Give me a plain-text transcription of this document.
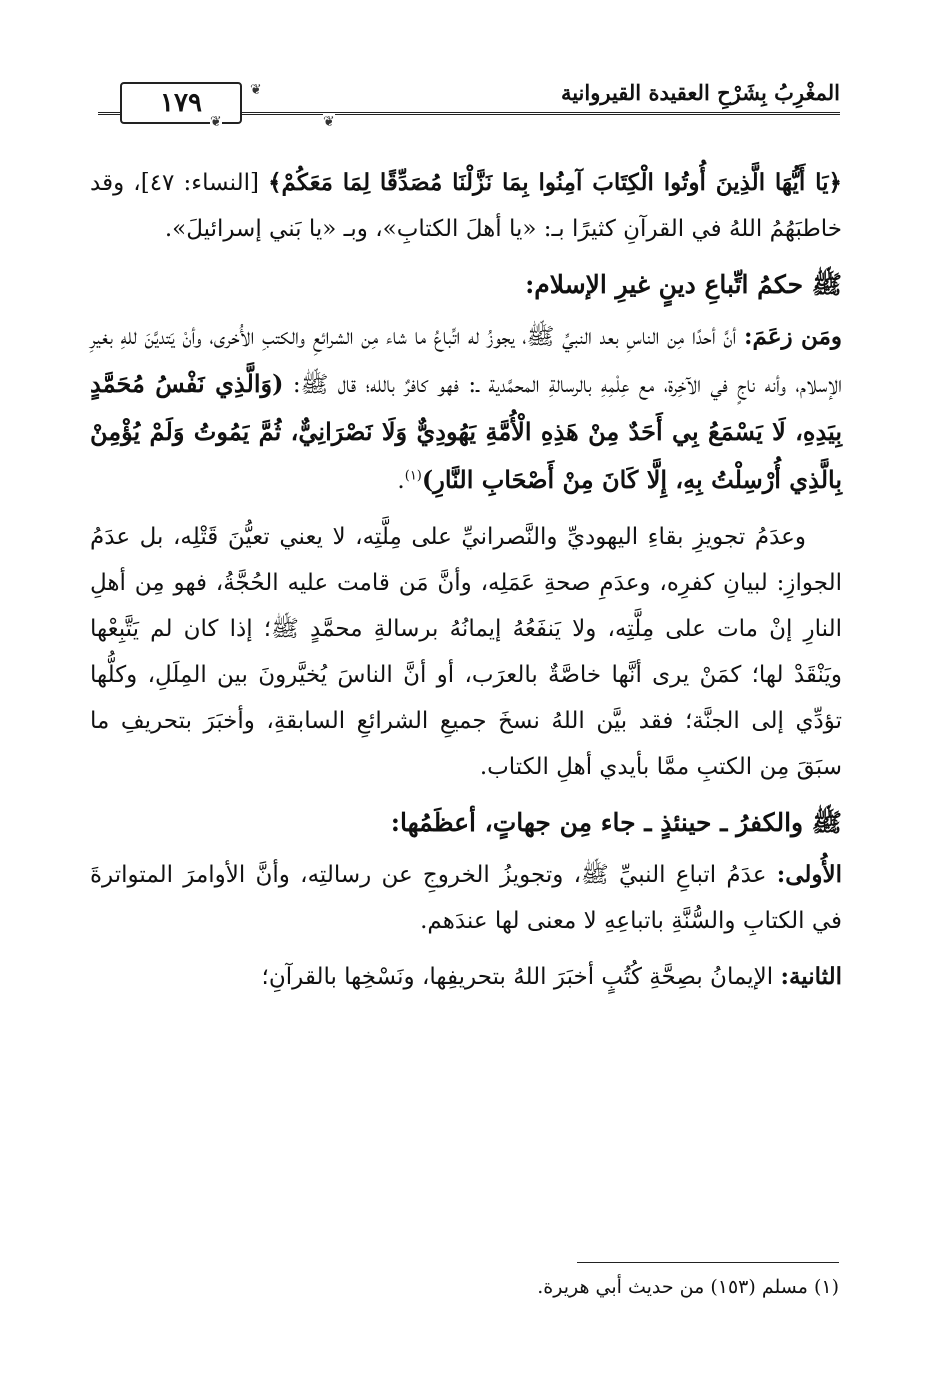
المغْرِبُ بِشَرْحِ العقيدة القيروانية
١٧٩	❦
❦	❦

﴿يَا أَيُّهَا الَّذِينَ أُوتُوا الْكِتَابَ آمِنُوا بِمَا نَزَّلْنَا مُصَدِّقًا لِمَا مَعَكُمْ﴾ [النساء: ٤٧]، وقد خاطبَهُمُ اللهُ في القرآنِ كثيرًا بـ: «يا أهلَ الكتابِ»، وبـ «يا بَني إسرائيلَ».

ﷺ حكمُ اتِّباعِ دينٍ غيرِ الإسلام:

ومَن زعَمَ: أنَّ أحدًا مِن الناسِ بعد النبيِّ ﷺ، يجوزُ له اتِّباعُ ما شاء مِن الشرائعِ والكتبِ الأُخرى، وأنْ يَتديَّنَ للهِ بغيرِ الإسلام، وأنه ناجٍ في الآخِرة، مع عِلْمِهِ بالرسالةِ المحمَّدية ـ: فهو كافرٌ بالله؛ قال ﷺ: (وَالَّذِي نَفْسُ مُحَمَّدٍ بِيَدِهِ، لَا يَسْمَعُ بِي أَحَدٌ مِنْ هَذِهِ الْأُمَّةِ يَهُودِيٌّ وَلَا نَصْرَانِيٌّ، ثُمَّ يَمُوتُ وَلَمْ يُؤْمِنْ بِالَّذِي أُرْسِلْتُ بِهِ، إِلَّا كَانَ مِنْ أَصْحَابِ النَّارِ)$^{(١)}$.

وعدَمُ تجويزِ بقاءِ اليهوديِّ والنَّصرانيِّ على مِلَّتِه، لا يعني تعيُّنَ قَتْلِه، بل عدَمُ الجوازِ: لبيانِ كفرِه، وعدَمِ صحةِ عَمَلِه، وأنَّ مَن قامت عليه الحُجَّةُ، فهو مِن أهلِ النارِ إنْ مات على مِلَّتِه، ولا يَنفَعُهُ إيمانُهُ برسالةِ محمَّدٍ ﷺ؛ إذا كان لم يَتَّبِعْها ويَنْقَدْ لها؛ كمَنْ يرى أنَّها خاصَّةٌ بالعرَب، أو أنَّ الناسَ يُخيَّرونَ بين المِلَلِ، وكلُّها تؤدِّي إلى الجنَّة؛ فقد بيَّن اللهُ نسخَ جميعِ الشرائعِ السابقةِ، وأخبَرَ بتحريفِ ما سبَقَ مِن الكتبِ ممَّا بأيدي أهلِ الكتاب.

ﷺ والكفرُ ـ حينئذٍ ـ جاء مِن جهاتٍ، أعظَمُها:

الأُولى: عدَمُ اتباعِ النبيِّ ﷺ، وتجويزُ الخروجِ عن رسالتِه، وأنَّ الأوامرَ المتواترةَ في الكتابِ والسُّنَّةِ باتباعِهِ لا معنى لها عندَهم.

الثانية: الإيمانُ بصِحَّةِ كُتُبٍ أخبَرَ اللهُ بتحريفِها، ونَسْخِها بالقرآنِ؛

(١) مسلم (١٥٣) من حديث أبي هريرة.
